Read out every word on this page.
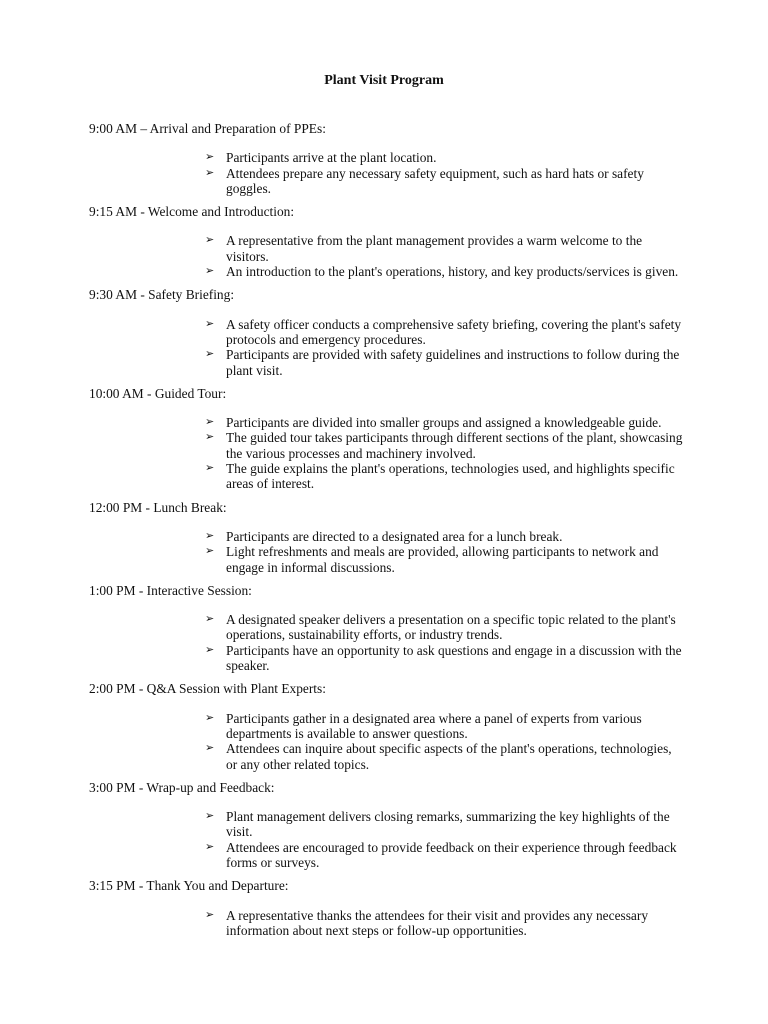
Plant Visit Program
9:00 AM – Arrival and Preparation of PPEs:
➢ Participants arrive at the plant location.
➢ Attendees prepare any necessary safety equipment, such as hard hats or safety goggles.
9:15 AM - Welcome and Introduction:
➢ A representative from the plant management provides a warm welcome to the visitors.
➢ An introduction to the plant's operations, history, and key products/services is given.
9:30 AM - Safety Briefing:
➢ A safety officer conducts a comprehensive safety briefing, covering the plant's safety protocols and emergency procedures.
➢ Participants are provided with safety guidelines and instructions to follow during the plant visit.
10:00 AM - Guided Tour:
➢ Participants are divided into smaller groups and assigned a knowledgeable guide.
➢ The guided tour takes participants through different sections of the plant, showcasing the various processes and machinery involved.
➢ The guide explains the plant's operations, technologies used, and highlights specific areas of interest.
12:00 PM - Lunch Break:
➢ Participants are directed to a designated area for a lunch break.
➢ Light refreshments and meals are provided, allowing participants to network and engage in informal discussions.
1:00 PM - Interactive Session:
➢ A designated speaker delivers a presentation on a specific topic related to the plant's operations, sustainability efforts, or industry trends.
➢ Participants have an opportunity to ask questions and engage in a discussion with the speaker.
2:00 PM - Q&A Session with Plant Experts:
➢ Participants gather in a designated area where a panel of experts from various departments is available to answer questions.
➢ Attendees can inquire about specific aspects of the plant's operations, technologies, or any other related topics.
3:00 PM - Wrap-up and Feedback:
➢ Plant management delivers closing remarks, summarizing the key highlights of the visit.
➢ Attendees are encouraged to provide feedback on their experience through feedback forms or surveys.
3:15 PM - Thank You and Departure:
➢ A representative thanks the attendees for their visit and provides any necessary information about next steps or follow-up opportunities.
